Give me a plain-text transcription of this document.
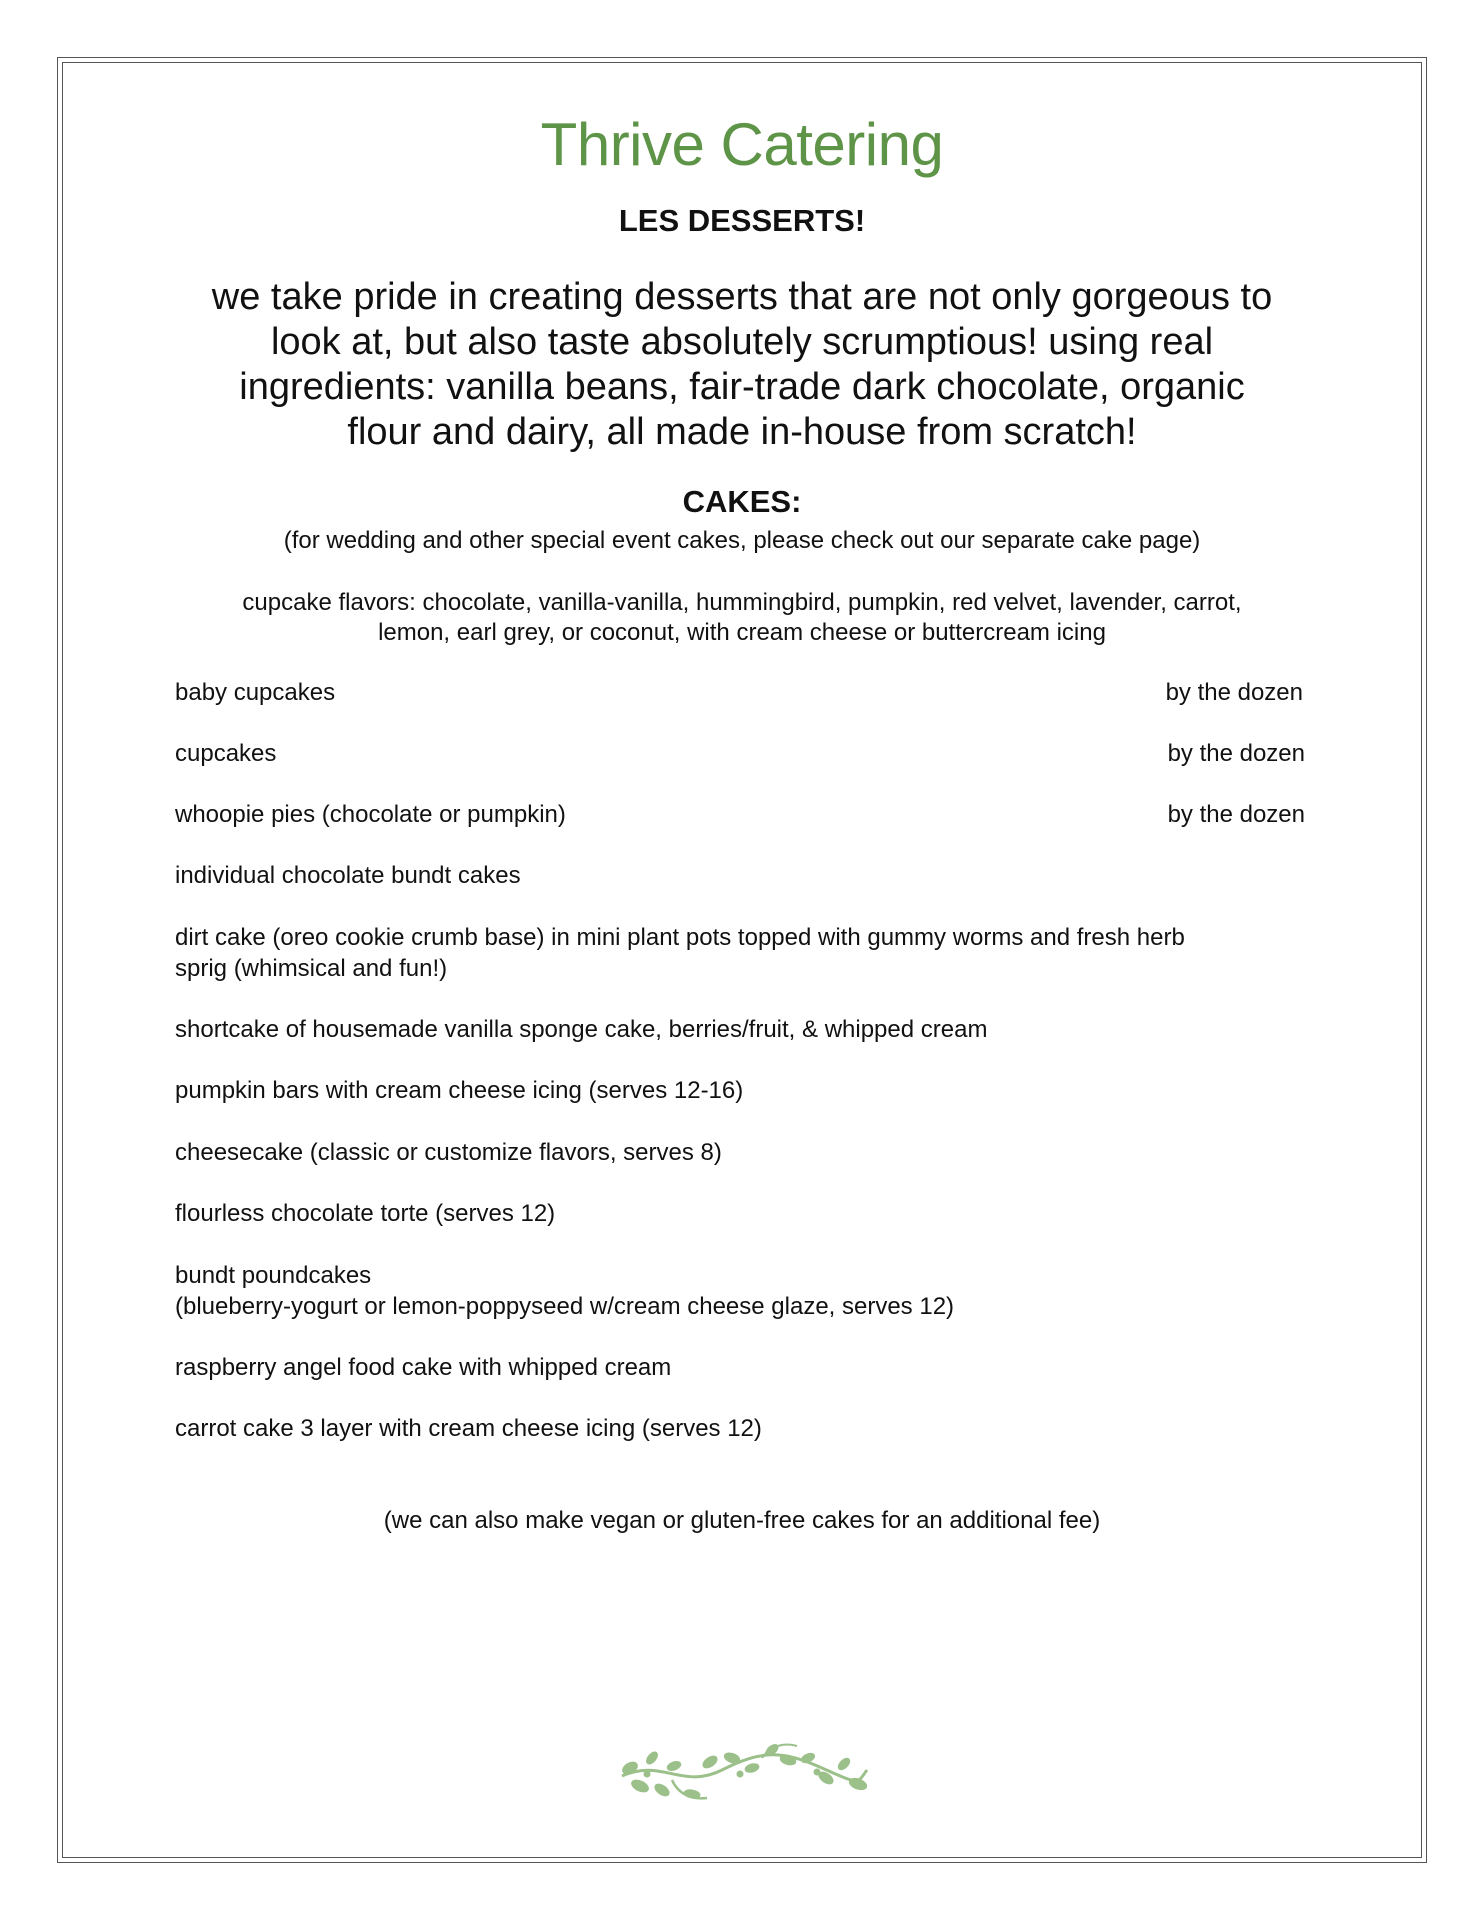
Thrive Catering
LES DESSERTS!
we take pride in creating desserts that are not only gorgeous to
look at, but also taste absolutely scrumptious! using real
ingredients: vanilla beans, fair-trade dark chocolate, organic
flour and dairy, all made in-house from scratch!
CAKES:
(for wedding and other special event cakes, please check out our separate cake page)
cupcake flavors: chocolate, vanilla-vanilla, hummingbird, pumpkin, red velvet, lavender, carrot,
lemon, earl grey, or coconut, with cream cheese or buttercream icing
baby cupcakes	by the dozen
cupcakes	by the dozen
whoopie pies (chocolate or pumpkin)	by the dozen
individual chocolate bundt cakes
dirt cake (oreo cookie crumb base) in mini plant pots topped with gummy worms and fresh herb
sprig (whimsical and fun!)
shortcake of housemade vanilla sponge cake, berries/fruit, & whipped cream
pumpkin bars with cream cheese icing (serves 12-16)
cheesecake (classic or customize flavors, serves 8)
flourless chocolate torte (serves 12)
bundt poundcakes
(blueberry-yogurt or lemon-poppyseed w/cream cheese glaze, serves 12)
raspberry angel food cake with whipped cream
carrot cake 3 layer with cream cheese icing (serves 12)
(we can also make vegan or gluten-free cakes for an additional fee)
